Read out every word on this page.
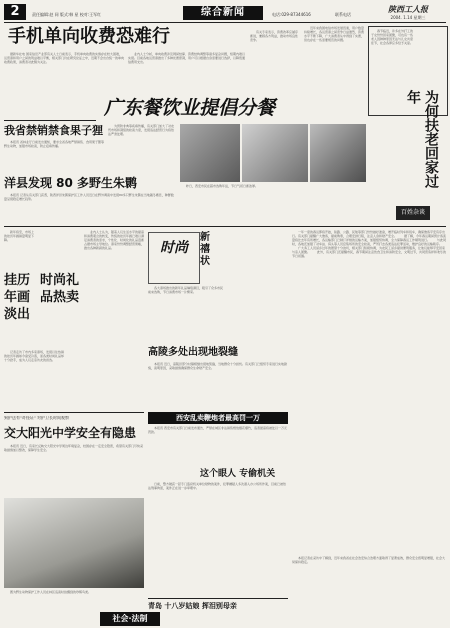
2	责任编辑:赵 同 版式:韩 星 校对:王军红	综合新闻	电话:029-87344616	联系电话
陕西工人报
2004. 1.14 星期三
手机单向收费恐难行
　　据新华社电 国家信息产业部有关人士日前表示，手机单向收费的实施存在较大困难，运营商和用户之间的利益难以平衡，相关部门仍在研究论证之中，近期不会出台统一的单向收费政策，消费者对此颇为关注。
　　业内人士分析，单向收费涉及网间结算、资费结构调整等诸多复杂问题，短期内难以实现。目前各地运营商推出了多种优惠套餐，用户可以根据自身需要进行选择，以降低通信费用支出。
　　有关专家表示，资费改革应循序渐进，兼顾各方利益，推动市场良性竞争。
　　近年来我国电信市场发展迅速，用户数量持续增长，各运营商之间竞争日益激烈，资费水平不断下降，广大消费者从中得到了实惠，但也存在一些需要规范的问题。
　　春节临近，许多在外打工的子女纷纷回家团聚，可也有一些老人因种种原因无法与儿女共度佳节，社会各界应多给予关爱。
为何扶老回家过年
广东餐饮业提倡分餐
我省禁销禁食果子狸
　　本报讯 省林业厅日前发出通知，要求全省各地严禁销售、食用果子狸等野生动物，加强市场检查，防止疫病传播。
　　为预防非典等疾病传播，有关部门加大了对农贸市场和餐馆的检查力度，发现违法经营行为将依法严肃处理。
　　昨日，西安市民在超市选购年货，节日气氛日渐浓厚。
百姓杂谈
洋县发现 80 多野生朱鹮
　　本报讯 记者从有关部门获悉，陕西洋县朱鹮保护区工作人员近日在野外调查中发现80多只野生朱鹮在当地越冬栖息，种群数量呈现稳定增长趋势。
　　新年将至，市场上的挂历年画销量明显下降。
挂历年画淡出
时尚礼品热卖
　　记者走访了市内多家商场，发现以往热销的挂历年画如今备受冷落，而各类时尚礼品却十分抢手，成为人们走亲访友的首选。
　　业内人士认为，随着人们生活水平的提高和消费观念的转变，传统的挂历年画已难以满足消费者的需求，个性化、时尚化的礼品逐渐占据市场主导地位。商家纷纷调整经营策略，推出各种新颖的礼品。	时尚
新禧状
　　各大商场推出的新年礼品琳琅满目，吸引了众多市民前来选购，节日消费市场一片繁荣。
高陵多处出现地裂缝
　　本报讯 近日，高陵县部分村镇相继出现地裂缝，当地群众十分担忧。有关部门已组织专家进行实地勘察，查明原因，采取措施确保群众生命财产安全。
西安乱卖鞭炮者最高罚一万
　　本报讯 西安市有关部门日前发布通告，严禁在城区非法销售燃放烟花爆竹，违者最高将被处以一万元罚款。
这个眼人 专偷机关
　　日前，警方破获一起专门盗窃机关单位财物的案件，犯罪嫌疑人多次潜入办公场所作案，目前已被依法刑事拘留，案件正在进一步审理中。
　　一年一度的春运即将开始，铁路、公路、民航等部门纷纷做好准备，增开临时列车和班车，确保旅客平安有序出行。有关部门提醒广大旅客，提前购票，合理安排行程，注意人身和财产安全。 　　据了解，今年春运期间预计客流量将比去年有所增长，各运输部门已制订详细的运输方案，加强组织协调，全力保障春运工作顺利进行。 　　与此同时，各地还加强了对车站、码头等人员密集场所的安全检查，严厉打击各类违法犯罪活动，维护良好的运输秩序。 　　广大务工人员返乡过年的愿望十分迫切，相关部门积极协调，为农民工返乡提供便利服务，让他们能够平安回家与亲人团聚。 　　此外，有关部门还提醒市民，春节期间注意饮食卫生和消防安全，文明过节，共同营造祥和欢乐的节日氛围。
狗护送有"奇怪证" 对护卫长时间观察
交大阳光中学安全有隐患
　　本报讯 近日，有家长反映交大阳光中学周边环境复杂，校园存在一定安全隐患，希望有关部门尽快采取措施加以整改，保障学生安全。
　　图为野生动物保护工作人员在林区巡查时拍摄到的珍稀鸟类。
青岛 十八岁姑娘 挥泪别母亲
社会·法制
　　本报记者在采访中了解到，近年来我省在社会治安综合治理方面取得了显著成效，群众安全感明显增强，社会大局保持稳定。
